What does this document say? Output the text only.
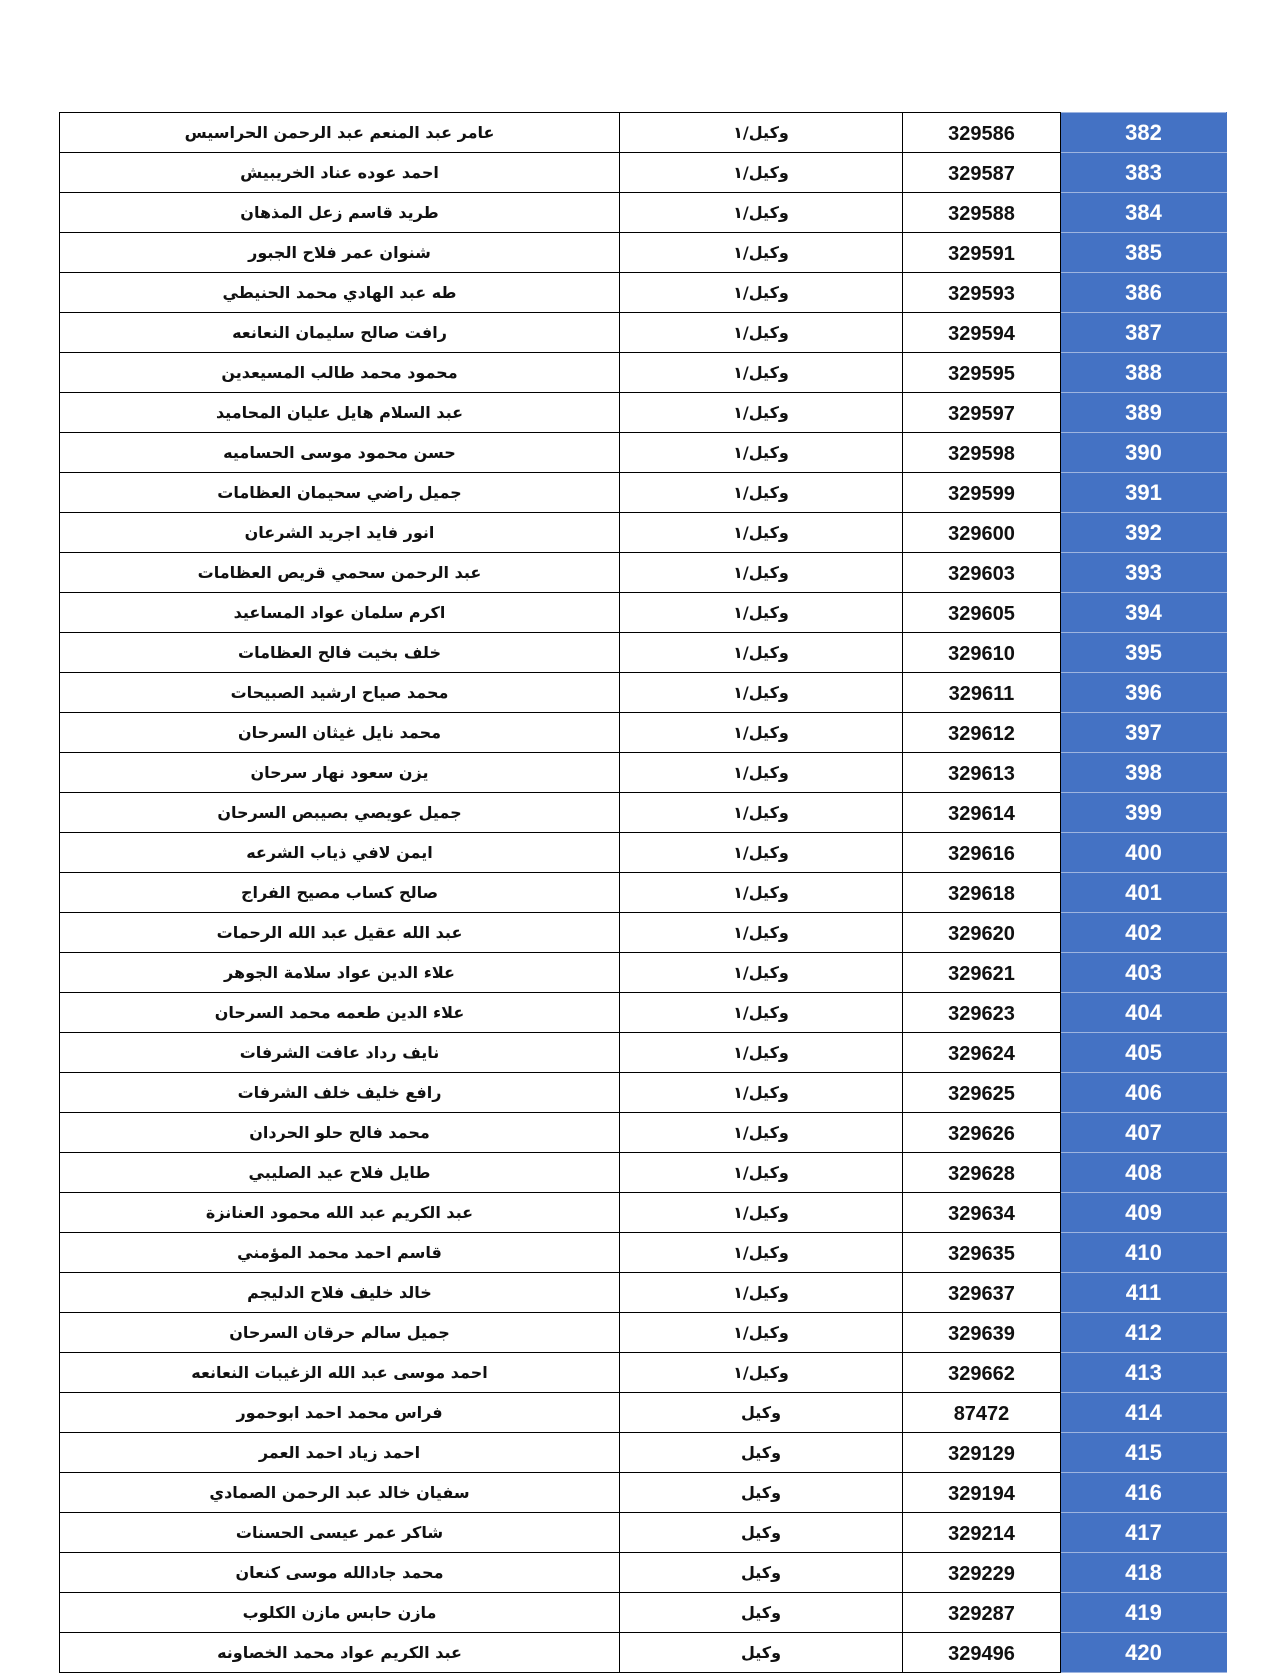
عامر عبد المنعم عبد الرحمن الحراسيس	وكيل/١	329586	382
احمد عوده عناد الخريبيش	وكيل/١	329587	383
طريد قاسم زعل المذهان	وكيل/١	329588	384
شنوان عمر فلاح الجبور	وكيل/١	329591	385
طه عبد الهادي محمد الحنيطي	وكيل/١	329593	386
رافت صالح سليمان النعانعه	وكيل/١	329594	387
محمود محمد طالب المسيعدين	وكيل/١	329595	388
عبد السلام هايل عليان المحاميد	وكيل/١	329597	389
حسن محمود موسى الحساميه	وكيل/١	329598	390
جميل راضي سحيمان العظامات	وكيل/١	329599	391
انور فايد اجريد الشرعان	وكيل/١	329600	392
عبد الرحمن سحمي قريص العظامات	وكيل/١	329603	393
اكرم سلمان عواد المساعيد	وكيل/١	329605	394
خلف بخيت فالح العظامات	وكيل/١	329610	395
محمد صياح ارشيد الصبيحات	وكيل/١	329611	396
محمد نايل غيثان السرحان	وكيل/١	329612	397
يزن سعود نهار سرحان	وكيل/١	329613	398
جميل عويصي بصيبص السرحان	وكيل/١	329614	399
ايمن لافي ذياب الشرعه	وكيل/١	329616	400
صالح كساب مصيح الفراج	وكيل/١	329618	401
عبد الله عقيل عبد الله الرحمات	وكيل/١	329620	402
علاء الدين عواد سلامة الجوهر	وكيل/١	329621	403
علاء الدين طعمه محمد السرحان	وكيل/١	329623	404
نايف رداد عافت الشرفات	وكيل/١	329624	405
رافع خليف خلف الشرفات	وكيل/١	329625	406
محمد فالح حلو الحردان	وكيل/١	329626	407
طايل فلاح عيد الصليبي	وكيل/١	329628	408
عبد الكريم عبد الله محمود العنانزة	وكيل/١	329634	409
قاسم احمد محمد المؤمني	وكيل/١	329635	410
خالد خليف فلاح الدليجم	وكيل/١	329637	411
جميل سالم حرقان السرحان	وكيل/١	329639	412
احمد موسى عبد الله الزغيبات النعانعه	وكيل/١	329662	413
فراس محمد احمد ابوحمور	وكيل	87472	414
احمد زياد احمد العمر	وكيل	329129	415
سفيان خالد عبد الرحمن الصمادي	وكيل	329194	416
شاكر عمر عيسى الحسنات	وكيل	329214	417
محمد جادالله موسى كنعان	وكيل	329229	418
مازن حابس مازن الكلوب	وكيل	329287	419
عبد الكريم عواد محمد الخصاونه	وكيل	329496	420
